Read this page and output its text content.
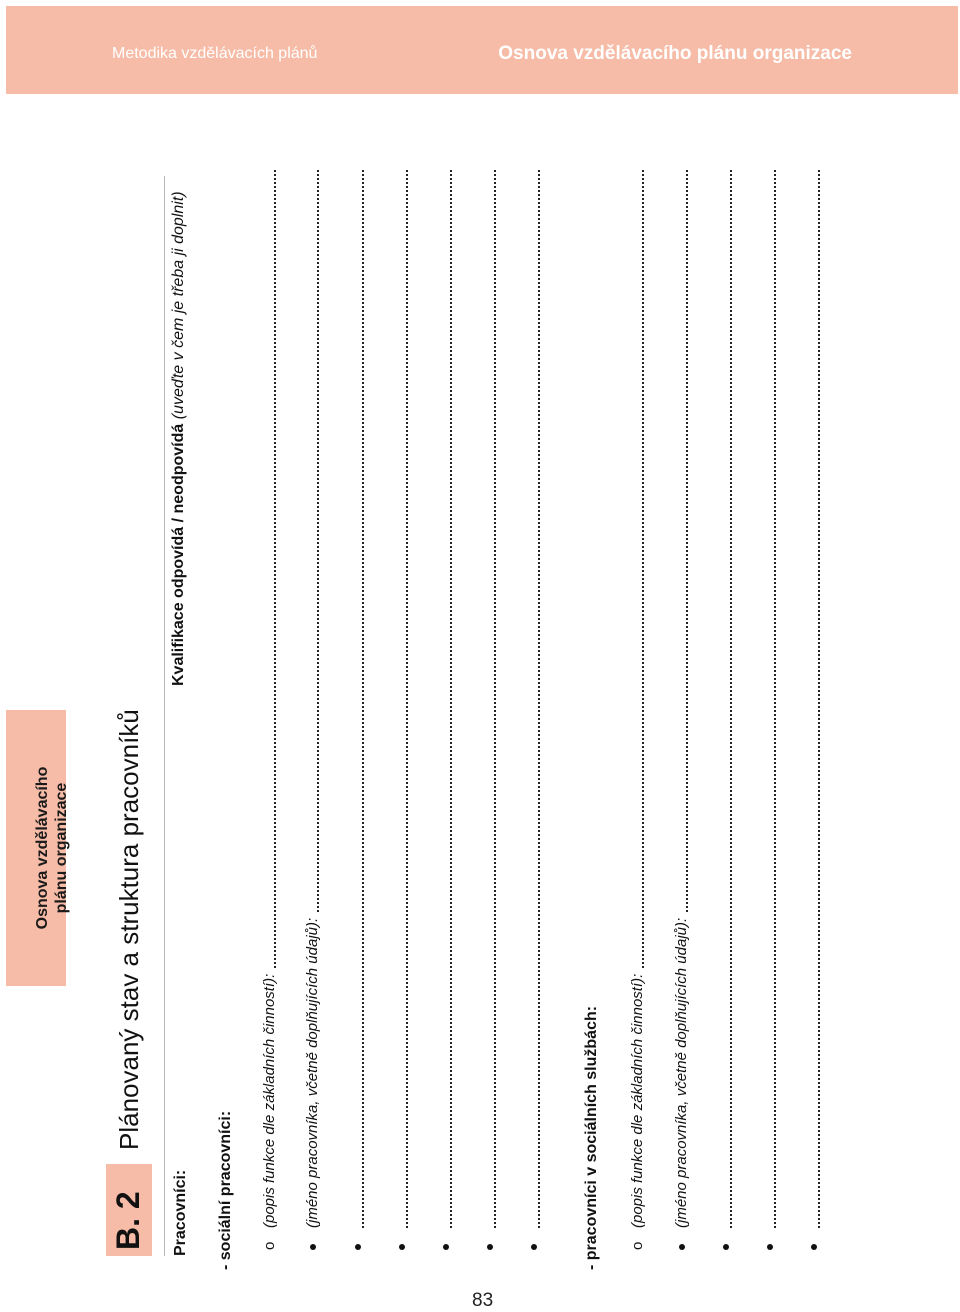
Metodika vzdělávacích plánů	Osnova vzdělávacího plánu organizace
Osnova vzdělávacího plánu organizace
B. 2
Plánovaný stav a struktura pracovníků
Pracovníci:
Kvalifikace odpovídá / neodpovídá (uveďte v čem je třeba ji doplnit)
- sociální pracovníci: o
(popis funkce dle základních činností): (jméno pracovníka, včetně doplňujících údajů):	- pracovníci v sociálních službách: o
(popis funkce dle základních činností): (jméno pracovníka, včetně doplňujících údajů):
83
